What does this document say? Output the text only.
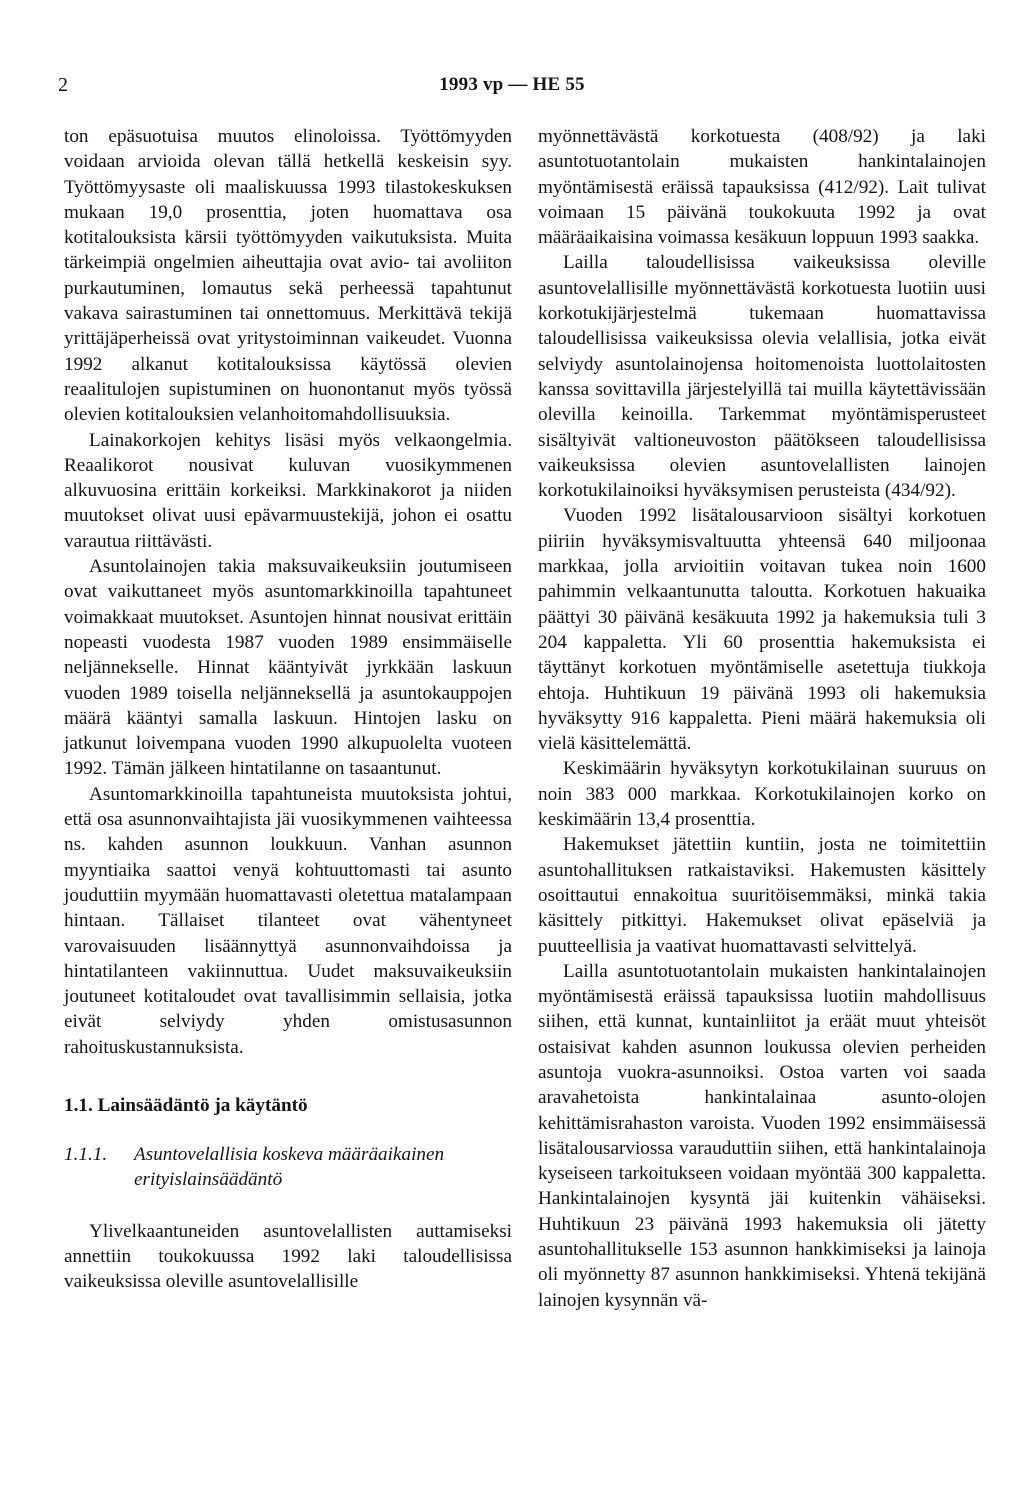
2	1993 vp — HE 55

ton epäsuotuisa muutos elinoloissa. Työttömyyden voidaan arvioida olevan tällä hetkellä keskeisin syy. Työttömyysaste oli maaliskuussa 1993 tilastokeskuksen mukaan 19,0 prosenttia, joten huomattava osa kotitalouksista kärsii työttömyyden vaikutuksista. Muita tärkeimpiä ongelmien aiheuttajia ovat avio- tai avoliiton purkautuminen, lomautus sekä perheessä tapahtunut vakava sairastuminen tai onnettomuus. Merkittävä tekijä yrittäjäperheissä ovat yritystoiminnan vaikeudet. Vuonna 1992 alkanut kotitalouksissa käytössä olevien reaalitulojen supistuminen on huonontanut myös työssä olevien kotitalouksien velanhoitomahdollisuuksia.

Lainakorkojen kehitys lisäsi myös velkaongelmia. Reaalikorot nousivat kuluvan vuosikymmenen alkuvuosina erittäin korkeiksi. Markkinakorot ja niiden muutokset olivat uusi epävarmuustekijä, johon ei osattu varautua riittävästi.

Asuntolainojen takia maksuvaikeuksiin joutumiseen ovat vaikuttaneet myös asuntomarkkinoilla tapahtuneet voimakkaat muutokset. Asuntojen hinnat nousivat erittäin nopeasti vuodesta 1987 vuoden 1989 ensimmäiselle neljännekselle. Hinnat kääntyivät jyrkkään laskuun vuoden 1989 toisella neljänneksellä ja asuntokauppojen määrä kääntyi samalla laskuun. Hintojen lasku on jatkunut loivempana vuoden 1990 alkupuolelta vuoteen 1992. Tämän jälkeen hintatilanne on tasaantunut.

Asuntomarkkinoilla tapahtuneista muutoksista johtui, että osa asunnonvaihtajista jäi vuosikymmenen vaihteessa ns. kahden asunnon loukkuun. Vanhan asunnon myyntiaika saattoi venyä kohtuuttomasti tai asunto jouduttiin myymään huomattavasti oletettua matalampaan hintaan. Tällaiset tilanteet ovat vähentyneet varovaisuuden lisäännyttyä asunnonvaihdoissa ja hintatilanteen vakiinnuttua. Uudet maksuvaikeuksiin joutuneet kotitaloudet ovat tavallisimmin sellaisia, jotka eivät selviydy yhden omistusasunnon rahoituskustannuksista.

1.1. Lainsäädäntö ja käytäntö
1.1.1.	Asuntovelallisia koskeva määräaikainen erityislainsäädäntö

Ylivelkaantuneiden asuntovelallisten auttamiseksi annettiin toukokuussa 1992 laki taloudellisissa vaikeuksissa oleville asuntovelallisille

myönnettävästä korkotuesta (408/92) ja laki asuntotuotantolain mukaisten hankintalainojen myöntämisestä eräissä tapauksissa (412/92). Lait tulivat voimaan 15 päivänä toukokuuta 1992 ja ovat määräaikaisina voimassa kesäkuun loppuun 1993 saakka.

Lailla taloudellisissa vaikeuksissa oleville asuntovelallisille myönnettävästä korkotuesta luotiin uusi korkotukijärjestelmä tukemaan huomattavissa taloudellisissa vaikeuksissa olevia velallisia, jotka eivät selviydy asuntolainojensa hoitomenoista luottolaitosten kanssa sovittavilla järjestelyillä tai muilla käytettävissään olevilla keinoilla. Tarkemmat myöntämisperusteet sisältyivät valtioneuvoston päätökseen taloudellisissa vaikeuksissa olevien asuntovelallisten lainojen korkotukilainoiksi hyväksymisen perusteista (434/92).

Vuoden 1992 lisätalousarvioon sisältyi korkotuen piiriin hyväksymisvaltuutta yhteensä 640 miljoonaa markkaa, jolla arvioitiin voitavan tukea noin 1600 pahimmin velkaantunutta taloutta. Korkotuen hakuaika päättyi 30 päivänä kesäkuuta 1992 ja hakemuksia tuli 3 204 kappaletta. Yli 60 prosenttia hakemuksista ei täyttänyt korkotuen myöntämiselle asetettuja tiukkoja ehtoja. Huhtikuun 19 päivänä 1993 oli hakemuksia hyväksytty 916 kappaletta. Pieni määrä hakemuksia oli vielä käsittelemättä.

Keskimäärin hyväksytyn korkotukilainan suuruus on noin 383 000 markkaa. Korkotukilainojen korko on keskimäärin 13,4 prosenttia.

Hakemukset jätettiin kuntiin, josta ne toimitettiin asuntohallituksen ratkaistaviksi. Hakemusten käsittely osoittautui ennakoitua suuritöisemmäksi, minkä takia käsittely pitkittyi. Hakemukset olivat epäselviä ja puutteellisia ja vaativat huomattavasti selvittelyä.

Lailla asuntotuotantolain mukaisten hankintalainojen myöntämisestä eräissä tapauksissa luotiin mahdollisuus siihen, että kunnat, kuntainliitot ja eräät muut yhteisöt ostaisivat kahden asunnon loukussa olevien perheiden asuntoja vuokra-asunnoiksi. Ostoa varten voi saada aravahetoista hankintalainaa asunto-olojen kehittämisrahaston varoista. Vuoden 1992 ensimmäisessä lisätalousarviossa varauduttiin siihen, että hankintalainoja kyseiseen tarkoitukseen voidaan myöntää 300 kappaletta. Hankintalainojen kysyntä jäi kuitenkin vähäiseksi. Huhtikuun 23 päivänä 1993 hakemuksia oli jätetty asuntohallitukselle 153 asunnon hankkimiseksi ja lainoja oli myönnetty 87 asunnon hankkimiseksi. Yhtenä tekijänä lainojen kysynnän vä-
